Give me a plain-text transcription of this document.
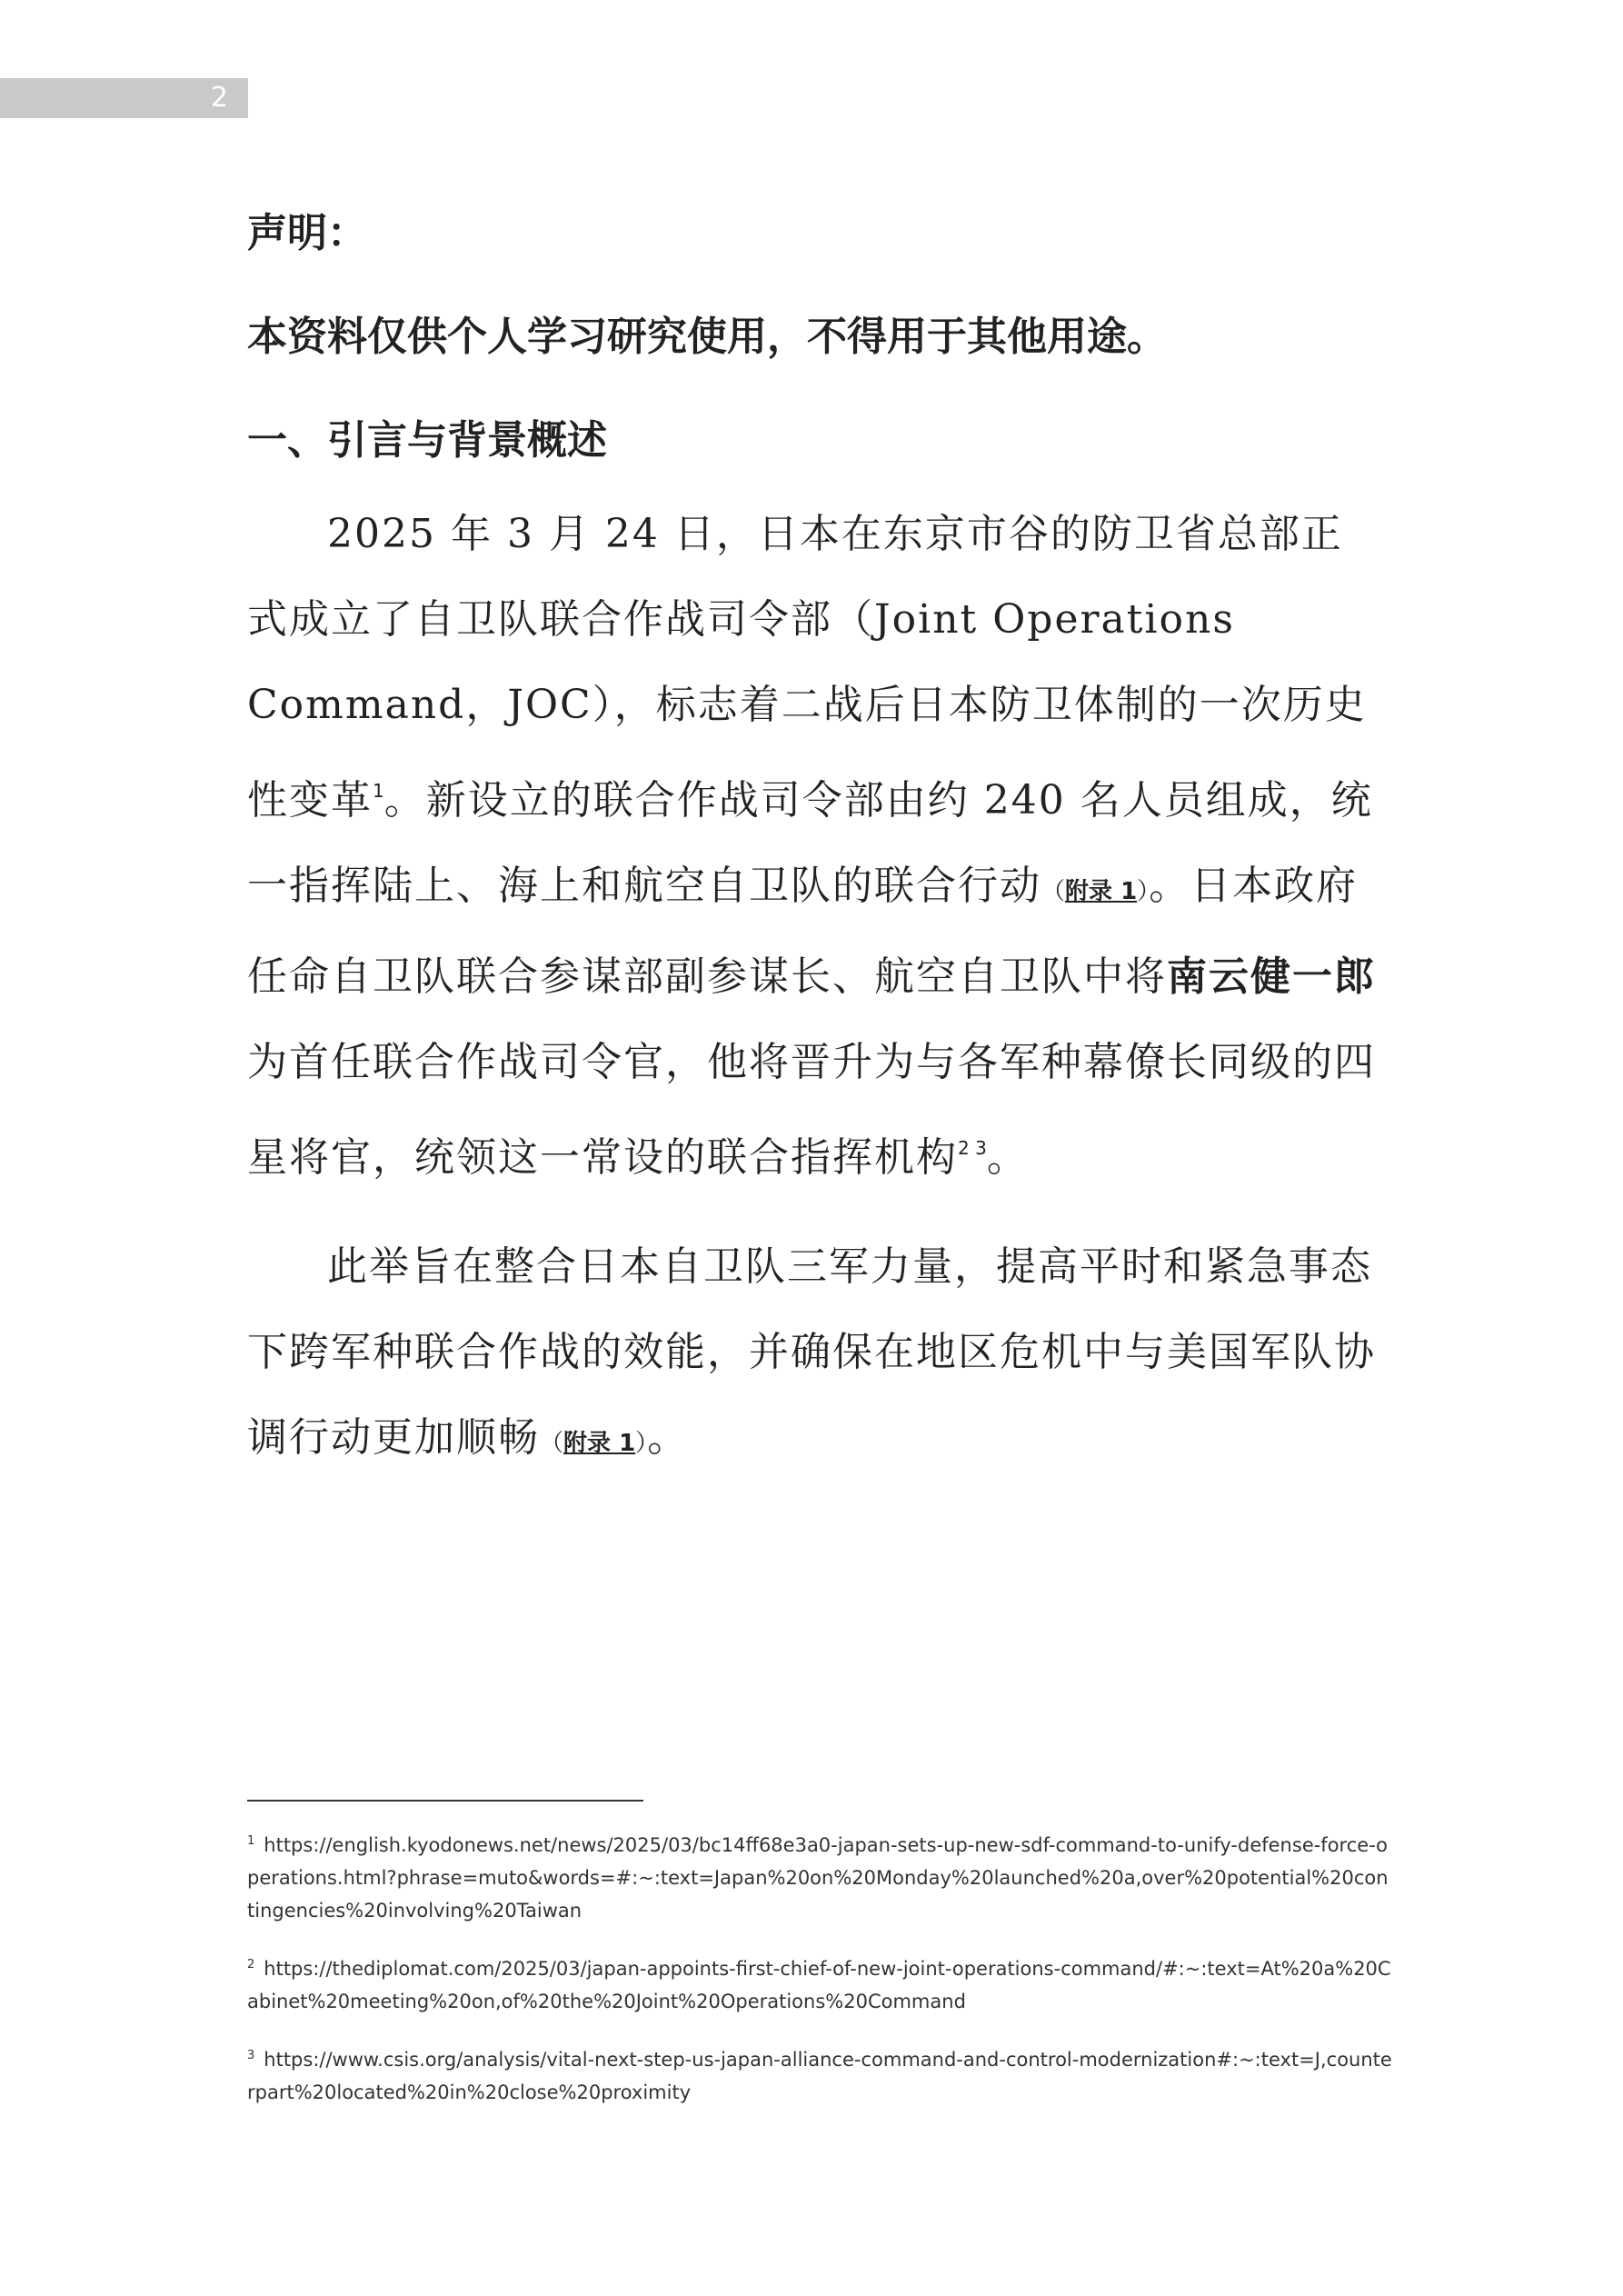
2

声明：

本资料仅供个人学习研究使用，不得用于其他用途。

一、引言与背景概述

2025 年 3 月 24 日，日本在东京市谷的防卫省总部正式成立了自卫队联合作战司令部（Joint Operations Command，JOC），标志着二战后日本防卫体制的一次历史性变革$^1$。新设立的联合作战司令部由约 240 名人员组成，统一指挥陆上、海上和航空自卫队的联合行动（附录 1）。日本政府任命自卫队联合参谋部副参谋长、航空自卫队中将南云健一郎为首任联合作战司令官，他将晋升为与各军种幕僚长同级的四星将官，统领这一常设的联合指挥机构$^2$ $^3$。

此举旨在整合日本自卫队三军力量，提高平时和紧急事态下跨军种联合作战的效能，并确保在地区危机中与美国军队协调行动更加顺畅（附录 1）。

$^1$ https://english.kyodonews.net/news/2025/03/bc14ff68e3a0-japan-sets-up-new-sdf-command-to-unify-defense-force-operations.html?phrase=muto&words=#:~:text=Japan%20on%20Monday%20launched%20a,over%20potential%20contingencies%20involving%20Taiwan

$^2$ https://thediplomat.com/2025/03/japan-appoints-first-chief-of-new-joint-operations-command/#:~:text=At%20a%20Cabinet%20meeting%20on,of%20the%20Joint%20Operations%20Command

$^3$ https://www.csis.org/analysis/vital-next-step-us-japan-alliance-command-and-control-modernization#:~:text=J,counterpart%20located%20in%20close%20proximity
